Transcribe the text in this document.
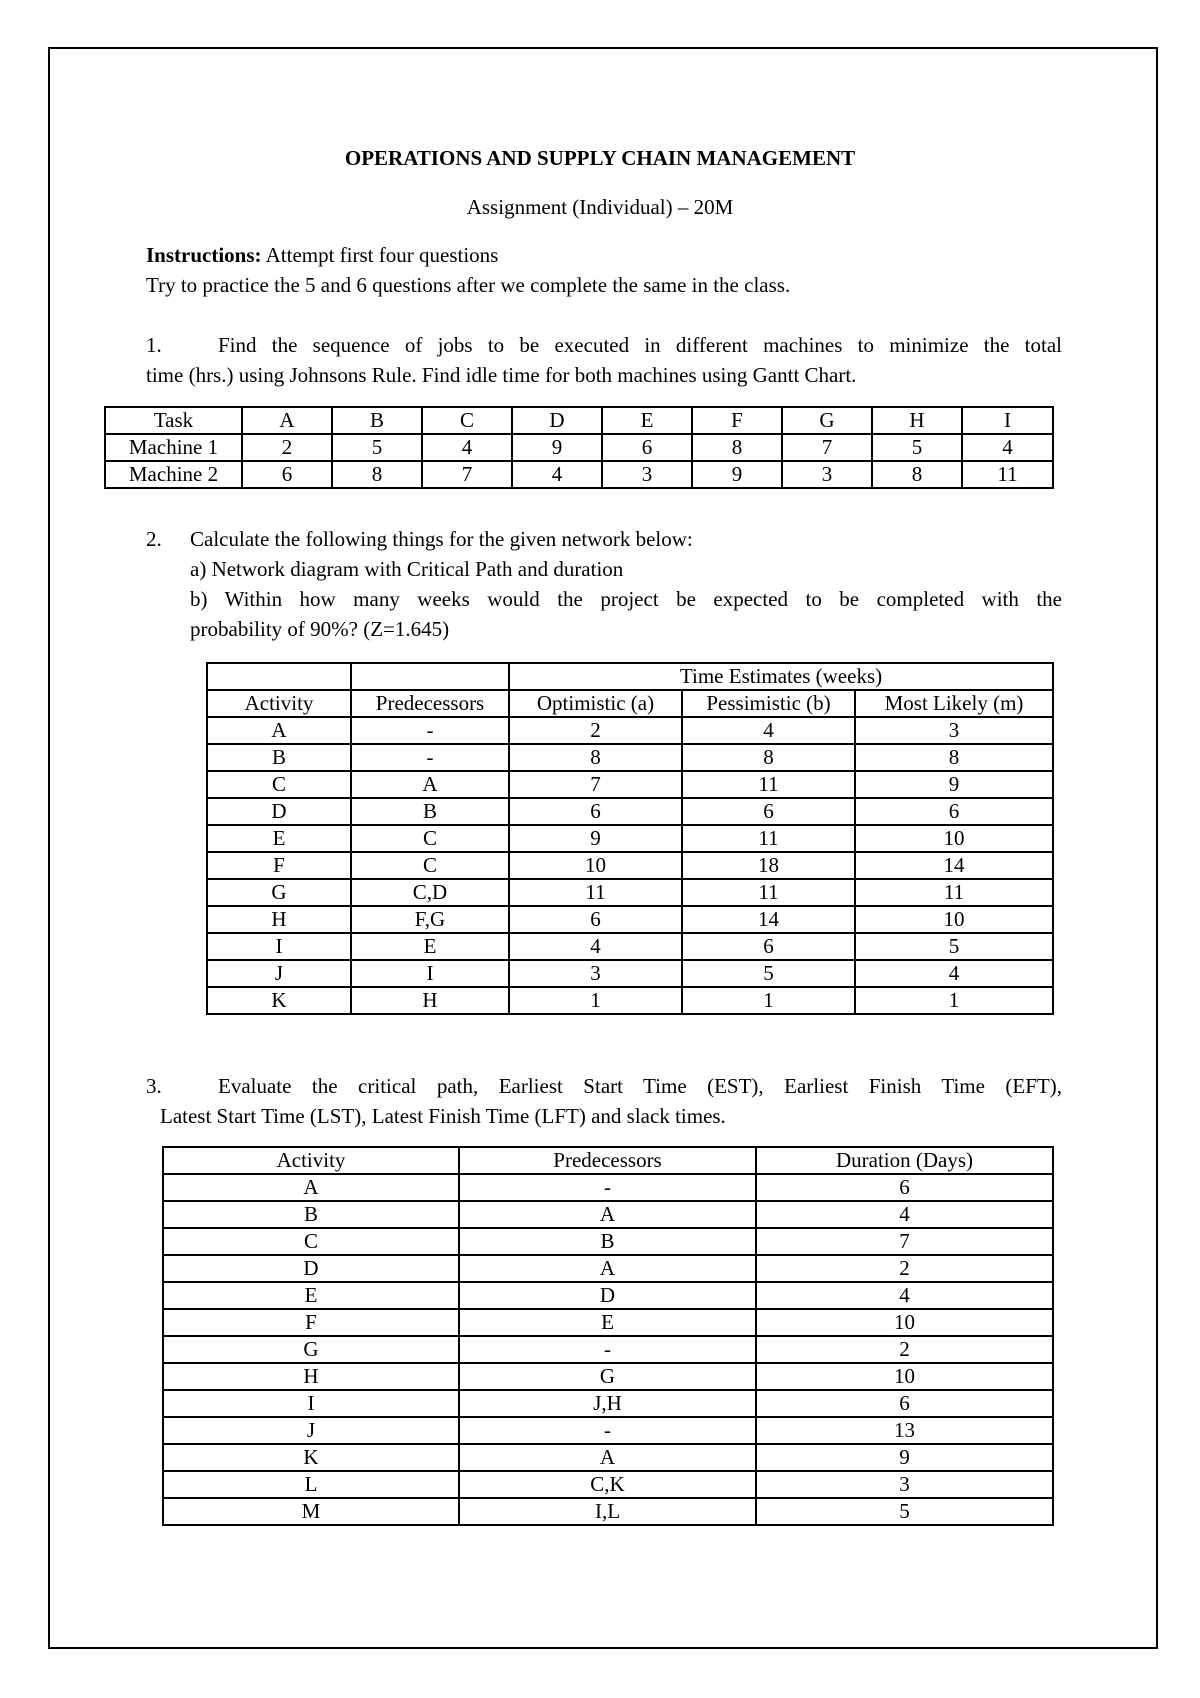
OPERATIONS AND SUPPLY CHAIN MANAGEMENT
Assignment (Individual) – 20M
Instructions: Attempt first four questions
Try to practice the 5 and 6 questions after we complete the same in the class.
1.	Find the sequence of jobs to be executed in different machines to minimize the total
time (hrs.) using Johnsons Rule. Find idle time for both machines using Gantt Chart.
Task	A	B	C	D	E	F	G	H	I
Machine 1	2	5	4	9	6	8	7	5	4
Machine 2	6	8	7	4	3	9	3	8	11
2. Calculate the following things for the given network below:
a) Network diagram with Critical Path and duration
b) Within how many weeks would the project be expected to be completed with the
probability of 90%? (Z=1.645)
		Time Estimates (weeks)		
Activity	Predecessors	Optimistic (a)	Pessimistic (b)	Most Likely (m)
A	-	2	4	3
B	-	8	8	8
C	A	7	11	9
D	B	6	6	6
E	C	9	11	10
F	C	10	18	14
G	C,D	11	11	11
H	F,G	6	14	10
I	E	4	6	5
J	I	3	5	4
K	H	1	1	1
3.	Evaluate the critical path, Earliest Start Time (EST), Earliest Finish Time (EFT),
Latest Start Time (LST), Latest Finish Time (LFT) and slack times.
Activity	Predecessors	Duration (Days)
A	-	6
B	A	4
C	B	7
D	A	2
E	D	4
F	E	10
G	-	2
H	G	10
I	J,H	6
J	-	13
K	A	9
L	C,K	3
M	I,L	5
